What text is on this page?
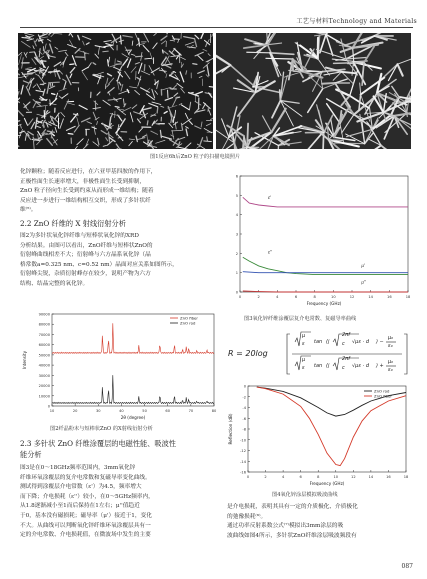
工艺与材料Technology and Materials
图1反应6h后ZnO 粒子的扫描电镜照片
化锌颗粒；随着反应进行，在六亚甲基四胺的作用下，
正极性面生长速率增大，非极性面生长受到抑制，
ZnO 粒子径向生长受到约束从而形成一维结构；随着
反应进一步进行一维结构相互交织，形成了多针状纤
维⁽⁵⁾。
2.2 ZnO 纤维的 X 射线衍射分析
图2为多针状氧化锌纤维与短棒状氧化锌的XRD
分析结果。由图可以看出，ZnO纤维与短棒状ZnO的
衍射峰曲线相差不大；衍射峰与六方晶系氧化锌（晶
格常数a=0.325 nm、c=0.52 nm）晶面对应关系如图所示，
衍射峰尖锐，杂质衍射峰存在较少，说明产物为六方
结构、结晶完整的氧化锌。
10	20	30	40	50	60	70	80
0
10000
20000
30000
40000
50000
60000
70000
80000
90000
2θ (degree)
Intensity
ZnO fiber
ZnO rod
图2纤晶粉末与短棒状ZnO 的X射线衍射分析
2.3 多针状 ZnO 纤维涂覆层的电磁性能、吸波性
能分析
图3是在0～18GHz频率范围内，3mm氧化锌
纤维环氧涂覆层的复介电常数和复磁导率变化曲线。
测试得到涂覆层介电常数（ε'）为4.5，频率增大
而下降；介电损耗（ε''）较小，在0～5GHz频率内，
从1.8逐渐减小至1而后保持在1左右；μ''值趋近
于0，基本没有磁损耗；磁导率（μ'）接近于1，变化
不大。从曲线可以判断氧化锌纤维环氧涂覆层具有一
定的介电常数、介电损耗值，在微波场中发生的主要
0	2	4	6	8	10	12	14	16	18
0
1
2
3
4
5
6
Frequency (GHz)
ε'
ε''
μ'
μ''
图3氧化锌纤维涂覆层复介电常数、复磁导率曲线
R = 20log
μ
ε tan ( j
2πf
c √με · d ) −
μ₀
ε₀
μ
ε tan ( j
2πf
c √με · d ) +
μ₀
ε₀
0	2	4	6	8	10	12	14	16	18
0
-2
-4
-6
-8
-10
-12
-14
-16
Frequency (GHz)
Reflection (dB)
ZnO rod
ZnO fiber
图4氧化锌涂层模拟吸波曲线
是介电损耗，表明其具有一定的介质极化、介质极化
的弛豫损耗⁽⁶⁾。
通过功率反射系数公式⁽⁷⁾模拟出3mm涂层的吸
波曲线如图4所示，多针状ZnO纤维涂层吸波频段有
087
